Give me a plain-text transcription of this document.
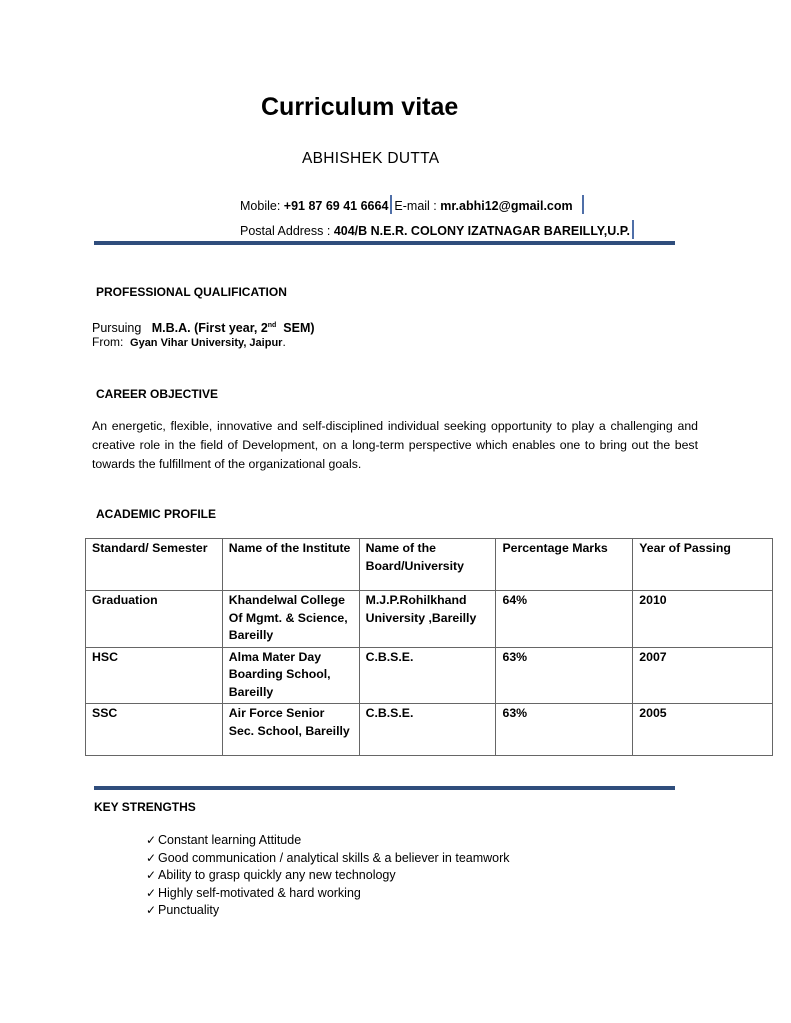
Curriculum vitae
ABHISHEK DUTTA
Mobile: +91 87 69 41 6664 E-mail : mr.abhi12@gmail.com
Postal Address : 404/B N.E.R. COLONY IZATNAGAR BAREILLY,U.P.
PROFESSIONAL QUALIFICATION
Pursuing M.B.A. (First year, 2nd SEM)
From: Gyan Vihar University, Jaipur.
CAREER OBJECTIVE
An energetic, flexible, innovative and self-disciplined individual seeking opportunity to play a challenging and creative role in the field of Development, on a long-term perspective which enables one to bring out the best towards the fulfillment of the organizational goals.
ACADEMIC PROFILE
Standard/ Semester	Name of the Institute	Name of the Board/University	Percentage Marks	Year of Passing
Graduation	Khandelwal College Of Mgmt. & Science, Bareilly	M.J.P.Rohilkhand University ,Bareilly	64%	2010
HSC	Alma Mater Day Boarding School, Bareilly	C.B.S.E.	63%	2007
SSC	Air Force Senior Sec. School, Bareilly	C.B.S.E.	63%	2005
KEY STRENGTHS
✓ Constant learning Attitude
✓ Good communication / analytical skills & a believer in teamwork
✓ Ability to grasp quickly any new technology
✓ Highly self-motivated & hard working
✓ Punctuality
